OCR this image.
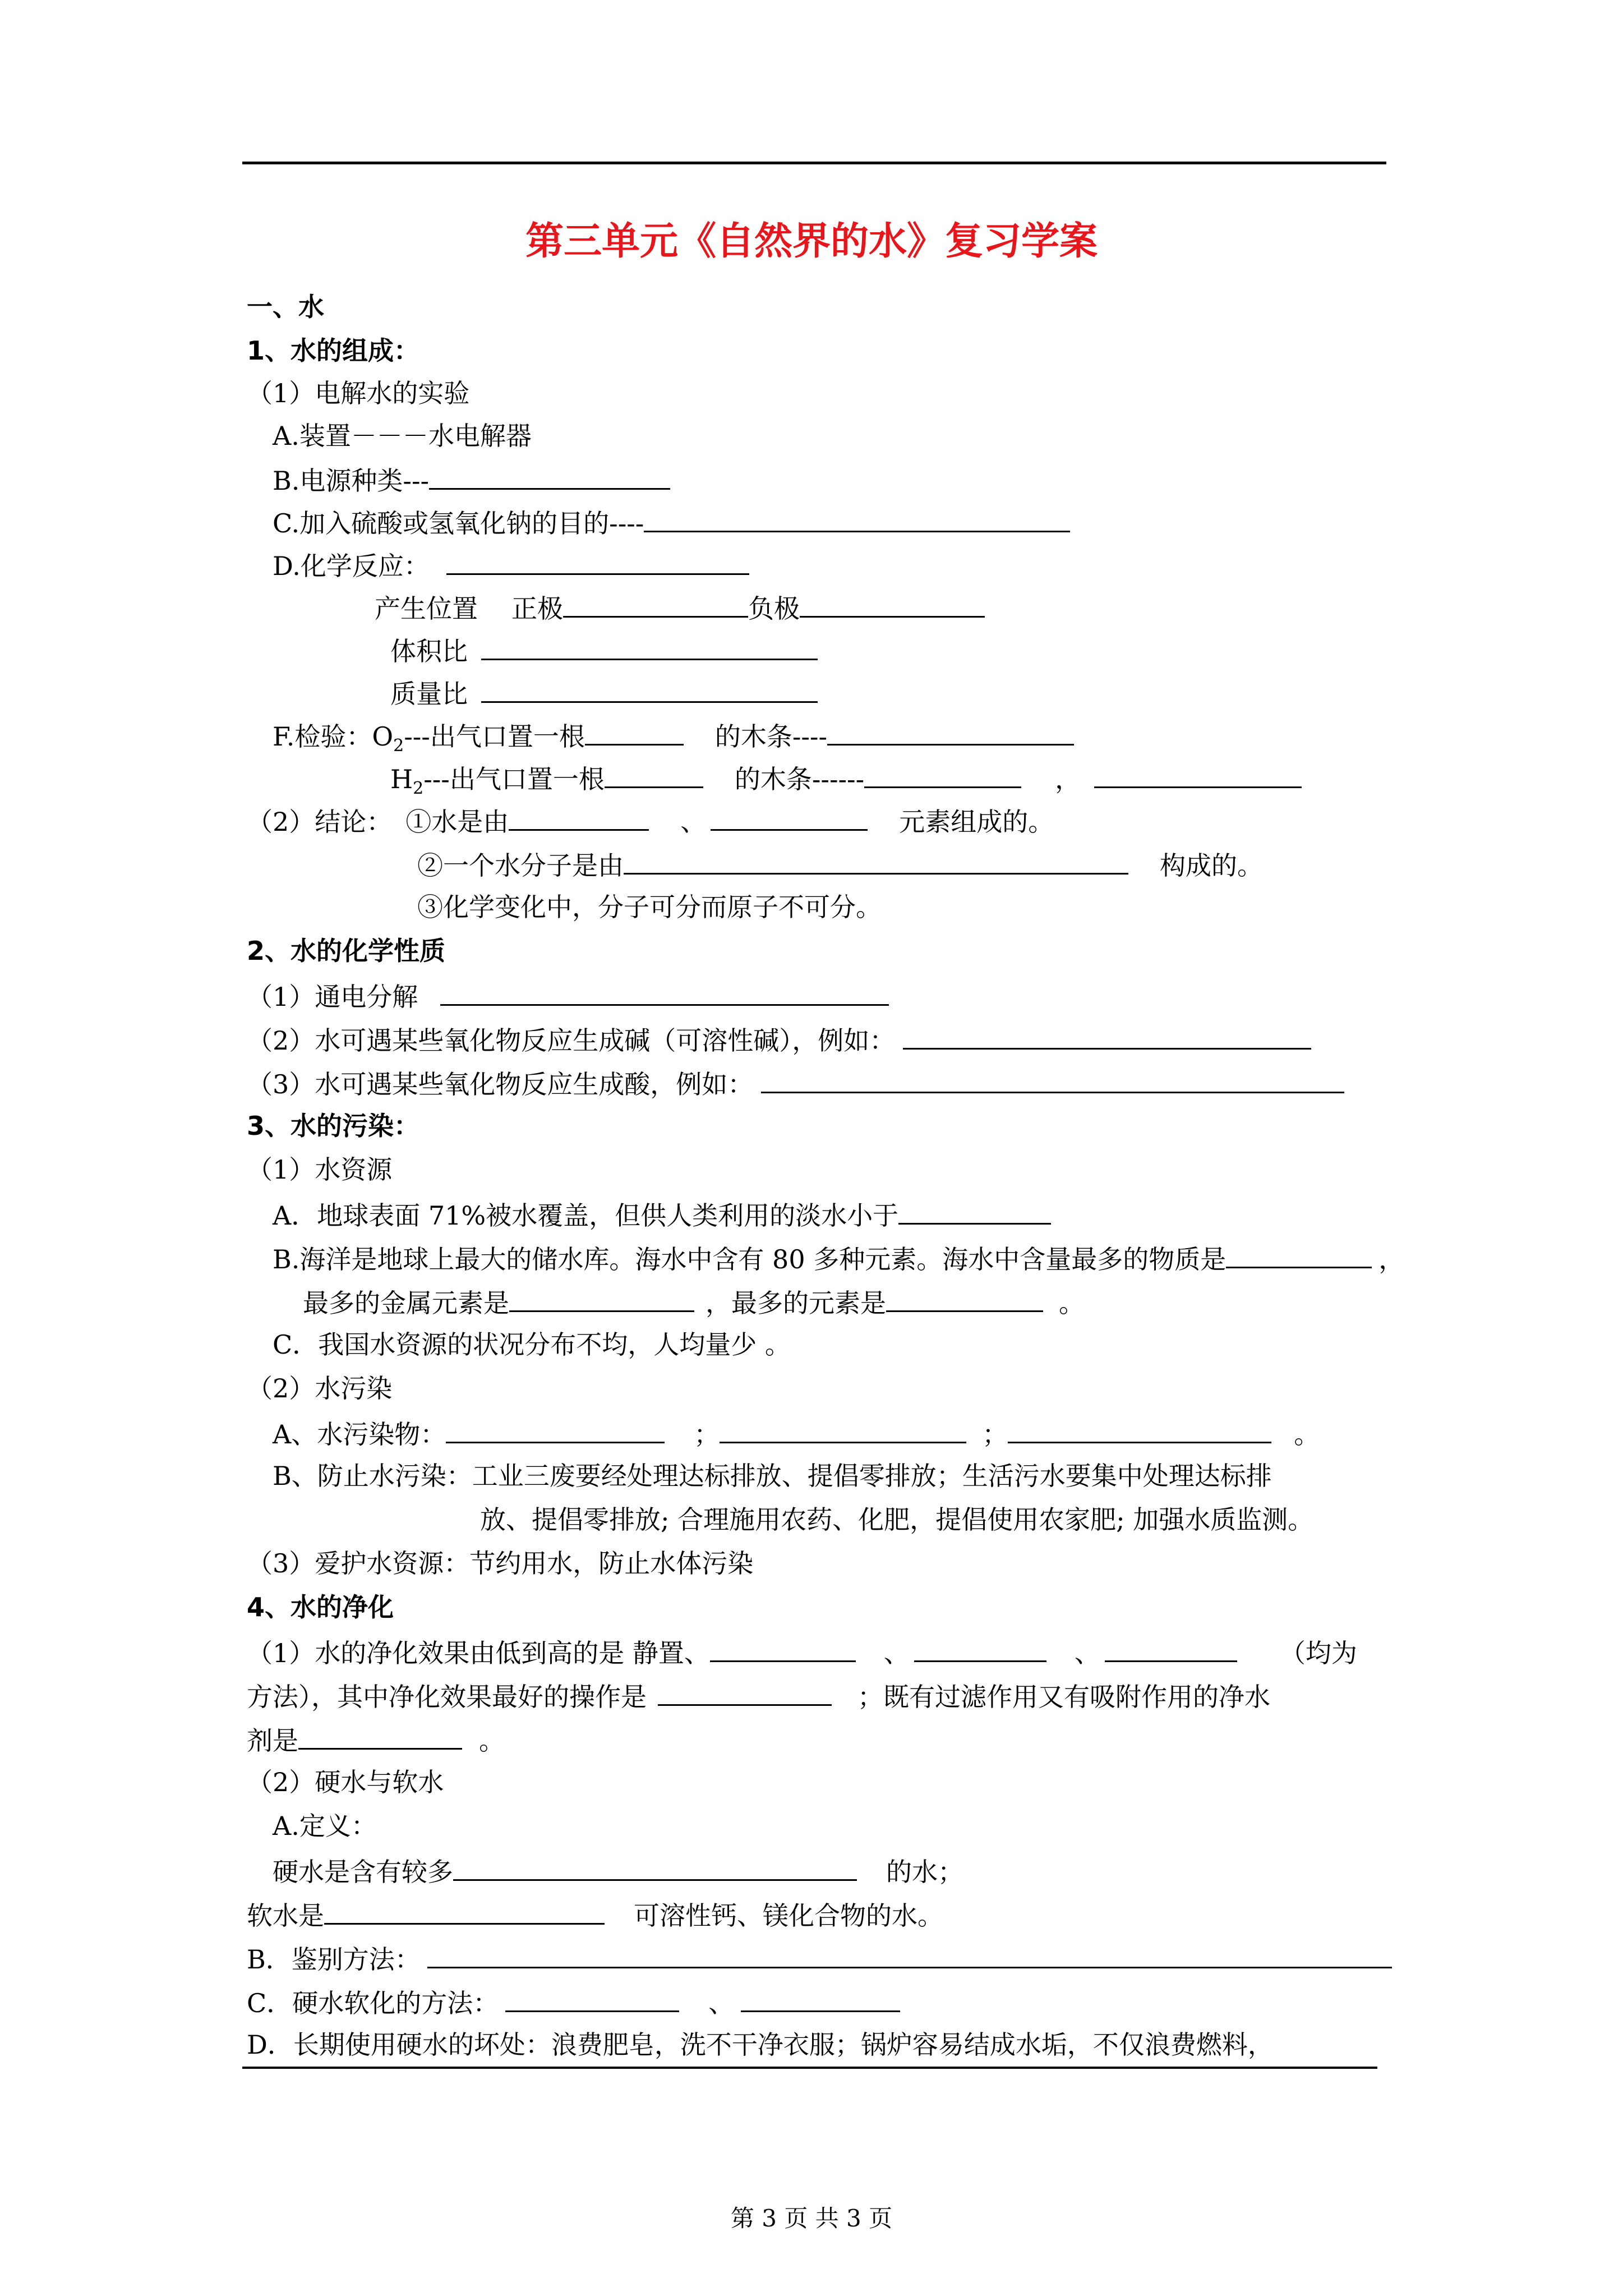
第三单元《自然界的水》复习学案
一、水
1、水的组成：
（1）电解水的实验
A.装置－－－水电解器
B.电源种类---
C.加入硫酸或氢氧化钠的目的----
D.化学反应：
产生位置 正极	负极
体积比
质量比
F.检验：$O_2---$出气口置一根	的木条----
$H_2---$出气口置一根	的木条------	，
（2）结论： ①水是由	、	元素组成的。
②一个水分子是由	构成的。
③化学变化中，分子可分而原子不可分。
2、水的化学性质
（1）通电分解
（2）水可遇某些氧化物反应生成碱（可溶性碱），例如：
（3）水可遇某些氧化物反应生成酸，例如：
3、水的污染：
（1）水资源
A．地球表面 71%被水覆盖，但供人类利用的淡水小于
B.海洋是地球上最大的储水库。海水中含有 80 多种元素。海水中含量最多的物质是	，
最多的金属元素是	，最多的元素是	。
C．我国水资源的状况分布不均，人均量少 。
（2）水污染
A、水污染物：	；	；	。
B、防止水污染：工业三废要经处理达标排放、提倡零排放；生活污水要集中处理达标排
放、提倡零排放; 合理施用农药、化肥，提倡使用农家肥; 加强水质监测。
（3）爱护水资源：节约用水，防止水体污染
4、水的净化
（1）水的净化效果由低到高的是 静置、	、	、	（均为
方法），其中净化效果最好的操作是	；既有过滤作用又有吸附作用的净水
剂是	。
（2）硬水与软水
A.定义：
硬水是含有较多	的水；
软水是	可溶性钙、镁化合物的水。
B．鉴别方法：
C．硬水软化的方法：	、
D．长期使用硬水的坏处：浪费肥皂，洗不干净衣服；锅炉容易结成水垢，不仅浪费燃料，
第 3 页 共 3 页
